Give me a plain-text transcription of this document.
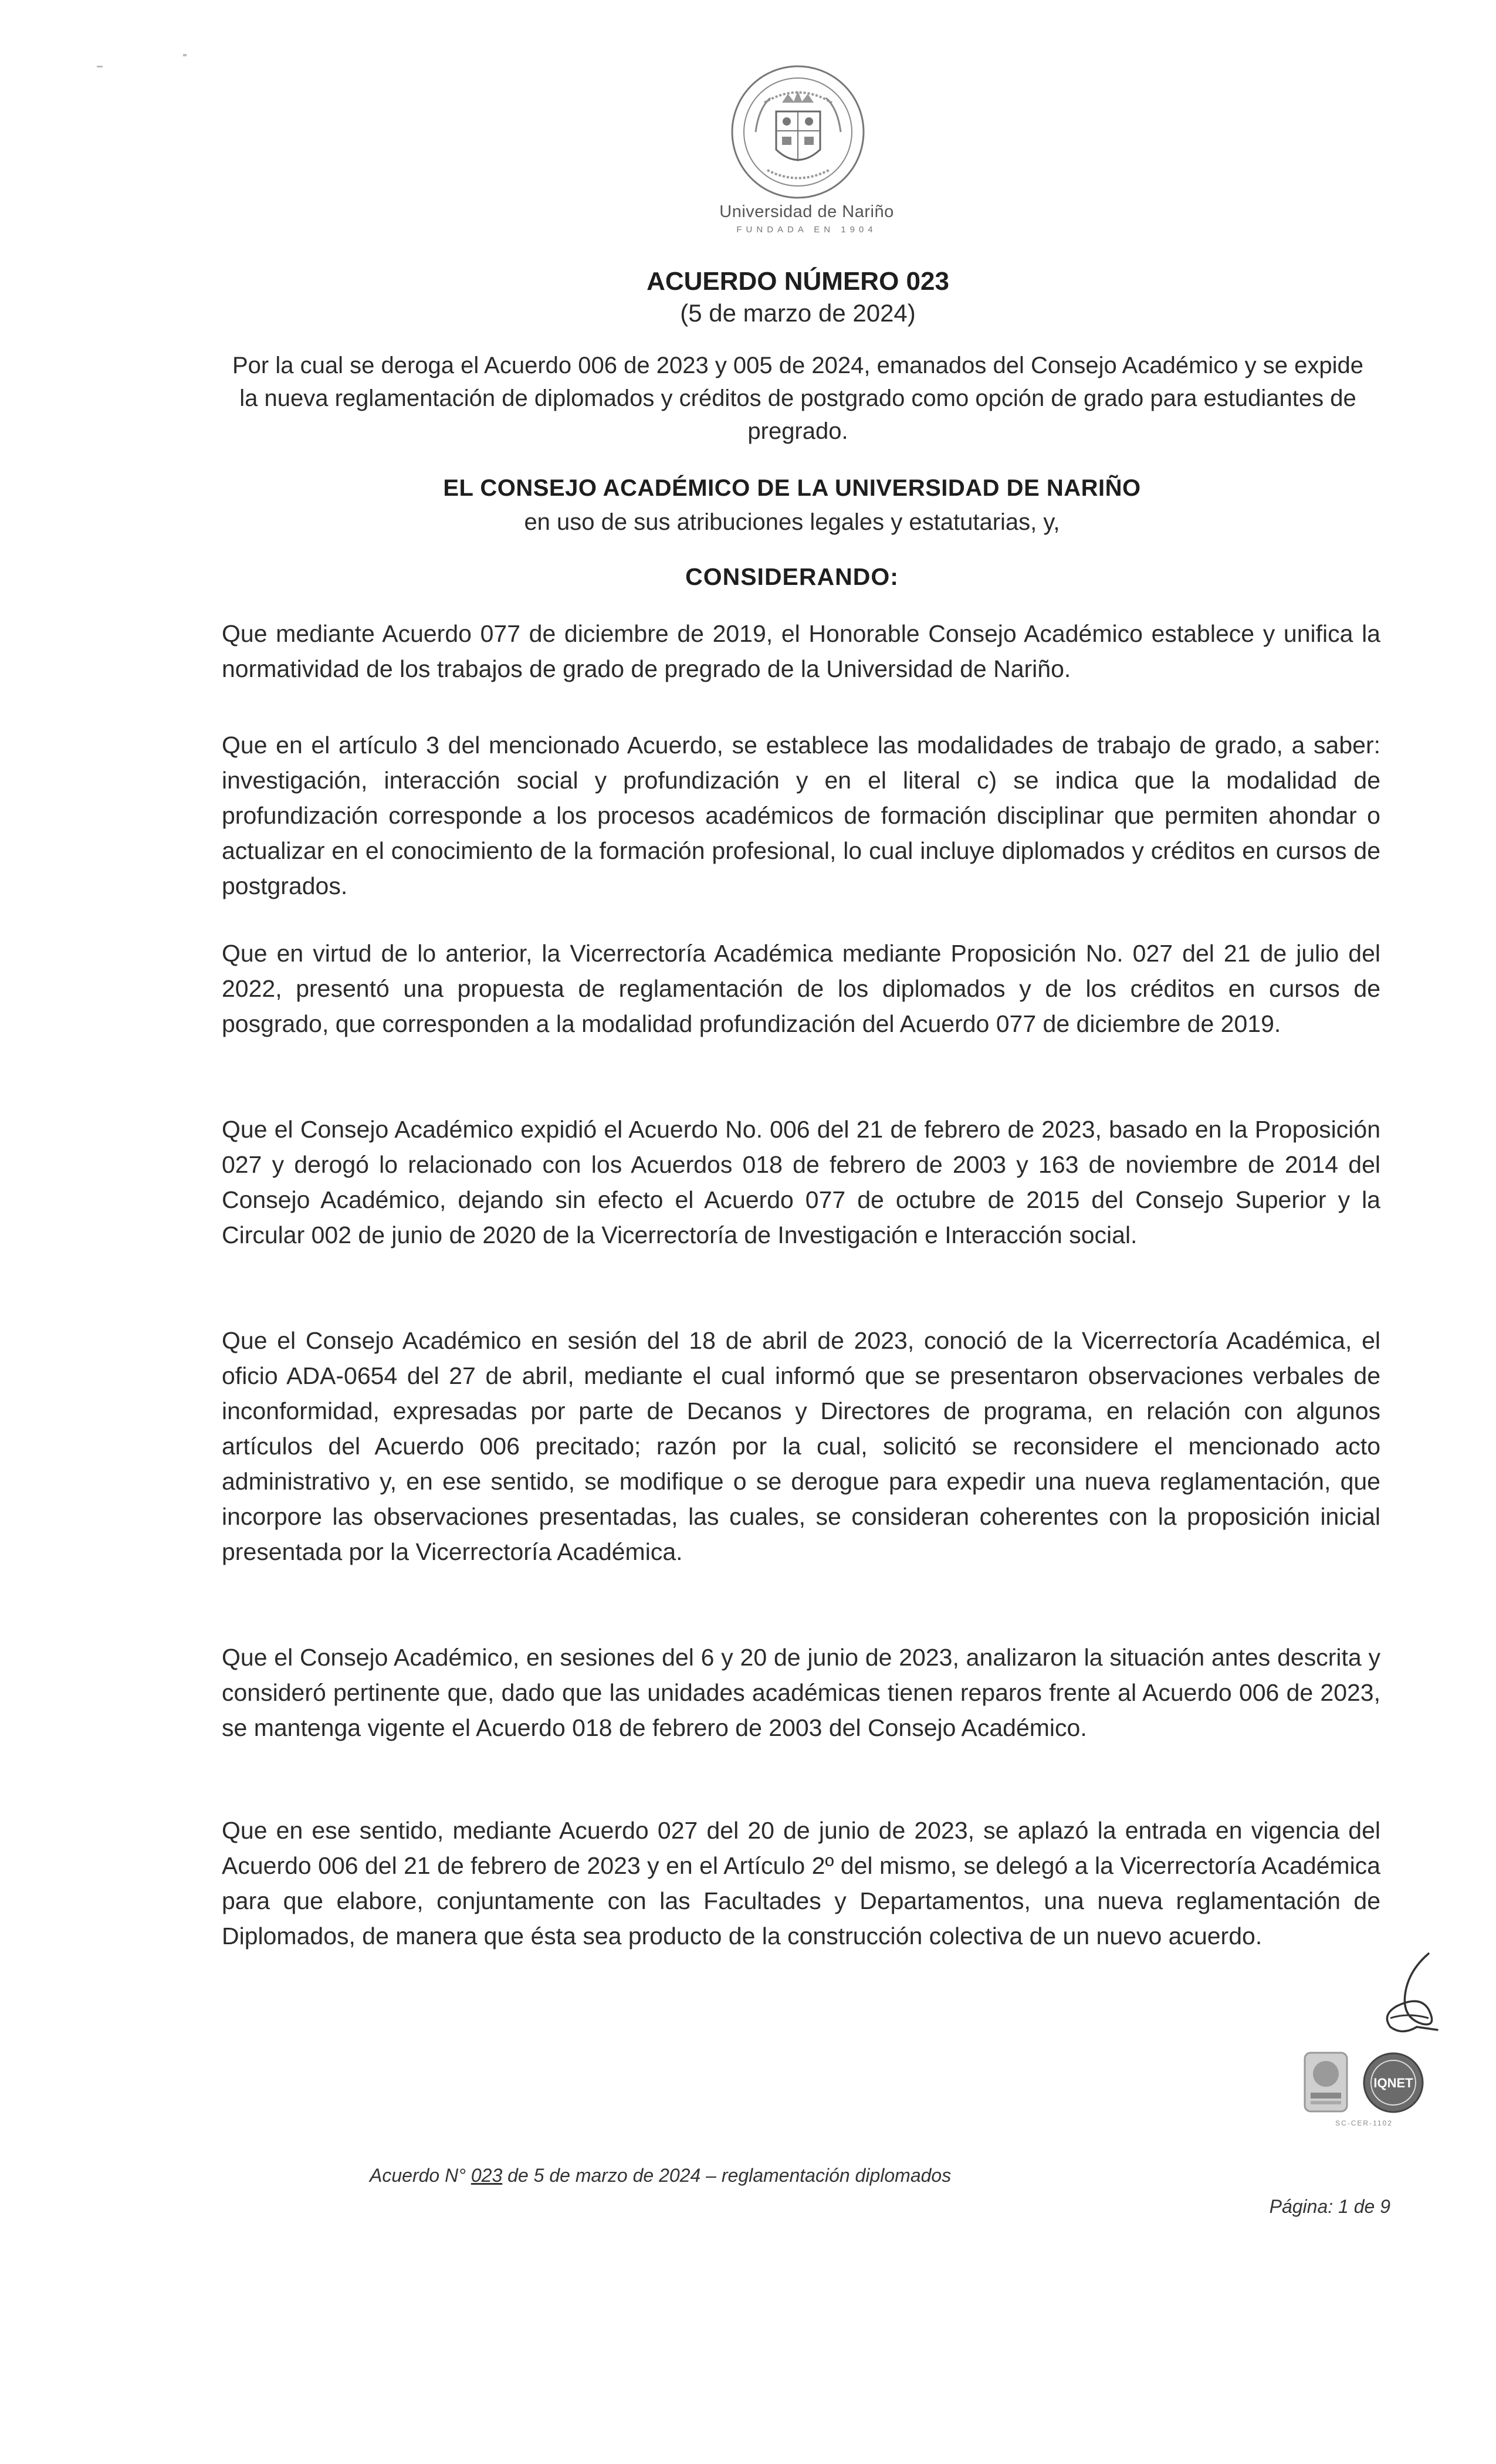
Universidad de Nariño
FUNDADA EN 1904
ACUERDO NÚMERO 023
(5 de marzo de 2024)
Por la cual se deroga el Acuerdo 006 de 2023 y 005 de 2024, emanados del Consejo Académico y se expide la nueva reglamentación de diplomados y créditos de postgrado como opción de grado para estudiantes de pregrado.
EL CONSEJO ACADÉMICO DE LA UNIVERSIDAD DE NARIÑO
en uso de sus atribuciones legales y estatutarias, y,
CONSIDERANDO:

Que mediante Acuerdo 077 de diciembre de 2019, el Honorable Consejo Académico establece y unifica la normatividad de los trabajos de grado de pregrado de la Universidad de Nariño.

Que en el artículo 3 del mencionado Acuerdo, se establece las modalidades de trabajo de grado, a saber: investigación, interacción social y profundización y en el literal c) se indica que la modalidad de profundización corresponde a los procesos académicos de formación disciplinar que permiten ahondar o actualizar en el conocimiento de la formación profesional, lo cual incluye diplomados y créditos en cursos de postgrados.

Que en virtud de lo anterior, la Vicerrectoría Académica mediante Proposición No. 027 del 21 de julio del 2022, presentó una propuesta de reglamentación de los diplomados y de los créditos en cursos de posgrado, que corresponden a la modalidad profundización del Acuerdo 077 de diciembre de 2019.

Que el Consejo Académico expidió el Acuerdo No. 006 del 21 de febrero de 2023, basado en la Proposición 027 y derogó lo relacionado con los Acuerdos 018 de febrero de 2003 y 163 de noviembre de 2014 del Consejo Académico, dejando sin efecto el Acuerdo 077 de octubre de 2015 del Consejo Superior y la Circular 002 de junio de 2020 de la Vicerrectoría de Investigación e Interacción social.

Que el Consejo Académico en sesión del 18 de abril de 2023, conoció de la Vicerrectoría Académica, el oficio ADA-0654 del 27 de abril, mediante el cual informó que se presentaron observaciones verbales de inconformidad, expresadas por parte de Decanos y Directores de programa, en relación con algunos artículos del Acuerdo 006 precitado; razón por la cual, solicitó se reconsidere el mencionado acto administrativo y, en ese sentido, se modifique o se derogue para expedir una nueva reglamentación, que incorpore las observaciones presentadas, las cuales, se consideran coherentes con la proposición inicial presentada por la Vicerrectoría Académica.

Que el Consejo Académico, en sesiones del 6 y 20 de junio de 2023, analizaron la situación antes descrita y consideró pertinente que, dado que las unidades académicas tienen reparos frente al Acuerdo 006 de 2023, se mantenga vigente el Acuerdo 018 de febrero de 2003 del Consejo Académico.

Que en ese sentido, mediante Acuerdo 027 del 20 de junio de 2023, se aplazó la entrada en vigencia del Acuerdo 006 del 21 de febrero de 2023 y en el Artículo 2º del mismo, se delegó a la Vicerrectoría Académica para que elabore, conjuntamente con las Facultades y Departamentos, una nueva reglamentación de Diplomados, de manera que ésta sea producto de la construcción colectiva de un nuevo acuerdo.

IQNET
SC-CER-1102
Acuerdo N° 023 de 5 de marzo de 2024 – reglamentación diplomados
Página: 1 de 9
